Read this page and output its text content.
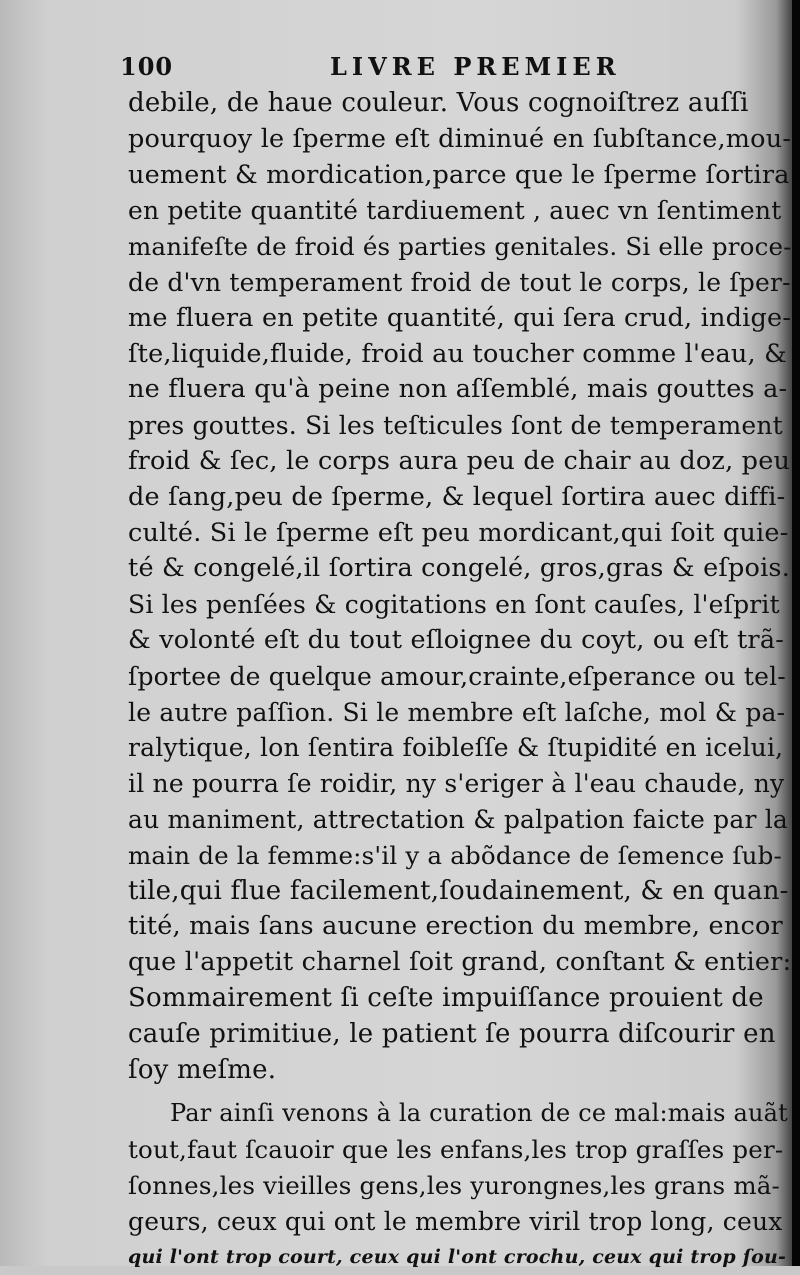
100	LIVRE PREMIER
debile, de haue couleur. Vous cognoiſtrez auſſi
pourquoy le ſperme eſt diminué en ſubſtance,mou-
uement & mordication,parce que le ſperme ſortira
en petite quantité tardiuement , auec vn ſentiment
manifeſte de froid és parties genitales. Si elle proce-
de d'vn temperament froid de tout le corps, le ſper-
me fluera en petite quantité, qui ſera crud, indige-
ſte,liquide,fluide, froid au toucher comme l'eau, &
ne fluera qu'à peine non aſſemblé, mais gouttes a-
pres gouttes. Si les teſticules ſont de temperament
froid & ſec, le corps aura peu de chair au doz, peu
de ſang,peu de ſperme, & lequel ſortira auec diffi-
culté. Si le ſperme eſt peu mordicant,qui ſoit quie-
té & congelé,il ſortira congelé, gros,gras & eſpois.
Si les penſées & cogitations en ſont cauſes, l'eſprit
& volonté eſt du tout eſloignee du coyt, ou eſt trã-
ſportee de quelque amour,crainte,eſperance ou tel-
le autre paſſion. Si le membre eſt laſche, mol & pa-
ralytique, lon ſentira foibleſſe & ſtupidité en icelui,
il ne pourra ſe roidir, ny s'eriger à l'eau chaude, ny
au maniment, attrectation & palpation faicte par la
main de la femme:s'il y a abõdance de ſemence ſub-
tile,qui flue facilement,ſoudainement, & en quan-
tité, mais ſans aucune erection du membre, encor
que l'appetit charnel ſoit grand, conſtant & entier:
Sommairement ſi ceſte impuiſſance prouient de
cauſe primitiue, le patient ſe pourra diſcourir en
ſoy meſme.
Par ainſi venons à la curation de ce mal:mais auãt
tout,faut ſcauoir que les enfans,les trop graſſes per-
ſonnes,les vieilles gens,les yurongnes,les grans mã-
geurs, ceux qui ont le membre viril trop long, ceux
qui l'ont trop court, ceux qui l'ont crochu, ceux qui trop ſou-
